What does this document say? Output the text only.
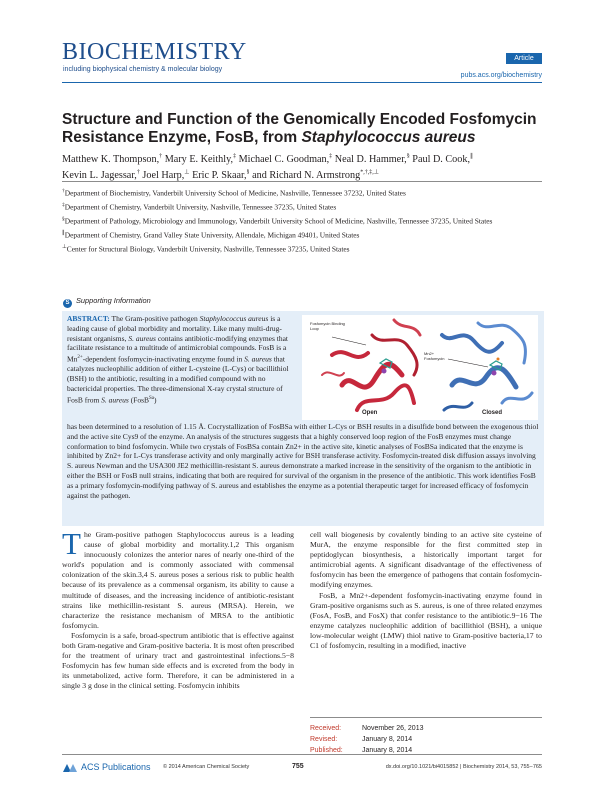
BIOCHEMISTRY
including biophysical chemistry & molecular biology
Article
pubs.acs.org/biochemistry
Structure and Function of the Genomically Encoded Fosfomycin Resistance Enzyme, FosB, from Staphylococcus aureus
Matthew K. Thompson,† Mary E. Keithly,‡ Michael C. Goodman,‡ Neal D. Hammer,§ Paul D. Cook,∥
Kevin L. Jagessar,† Joel Harp,⊥ Eric P. Skaar,§ and Richard N. Armstrong*,†,‡,⊥

†Department of Biochemistry, Vanderbilt University School of Medicine, Nashville, Tennessee 37232, United States

‡Department of Chemistry, Vanderbilt University, Nashville, Tennessee 37235, United States

§Department of Pathology, Microbiology and Immunology, Vanderbilt University School of Medicine, Nashville, Tennessee 37235, United States

∥Department of Chemistry, Grand Valley State University, Allendale, Michigan 49401, United States

⊥Center for Structural Biology, Vanderbilt University, Nashville, Tennessee 37235, United States

S Supporting Information

ABSTRACT: The Gram-positive pathogen Staphylococcus aureus is a leading cause of global morbidity and mortality. Like many multi-drug-resistant organisms, S. aureus contains antibiotic-modifying enzymes that facilitate resistance to a multitude of antimicrobial compounds. FosB is a $Mn^{2+}$-dependent fosfomycin-inactivating enzyme found in S. aureus that catalyzes nucleophilic addition of either L-cysteine (L-Cys) or bacillithiol (BSH) to the antibiotic, resulting in a modified compound with no bactericidal properties. The three-dimensional X-ray crystal structure of FosB from S. aureus (FosB$^{Sa}$)

has been determined to a resolution of 1.15 Å. Cocrystallization of FosBSa with either L-Cys or BSH results in a disulfide bond between the exogenous thiol and the active site Cys9 of the enzyme. An analysis of the structures suggests that a highly conserved loop region of the FosB enzymes must change conformation to bind fosfomycin. While two crystals of FosBSa contain Zn2+ in the active site, kinetic analyses of FosBSa indicated that the enzyme is inhibited by Zn2+ for L-Cys transferase activity and only marginally active for BSH transferase activity. Fosfomycin-treated disk diffusion assays involving S. aureus Newman and the USA300 JE2 methicillin-resistant S. aureus demonstrate a marked increase in the sensitivity of the organism to the antibiotic in either the BSH or FosB null strains, indicating that both are required for survival of the organism in the presence of the antibiotic. This work identifies FosB as a primary fosfomycin-modifying pathway of S. aureus and establishes the enzyme as a potential therapeutic target for increased efficacy of fosfomycin against the pathogen.

Fosfomycin Binding Loop
Mn2+ Fosfomycin
Open	Closed

The Gram-positive pathogen Staphylococcus aureus is a leading cause of global morbidity and mortality.1,2 This organism innocuously colonizes the anterior nares of nearly one-third of the world's population and is commonly associated with commensal colonization of the skin.3,4 S. aureus poses a serious risk to public health because of its prevalence as a commensal organism, its ability to cause a multitude of diseases, and the increasing incidence of antibiotic-resistant strains like methicillin-resistant S. aureus (MRSA). Herein, we characterize the resistance mechanism of MRSA to the antibiotic fosfomycin.

Fosfomycin is a safe, broad-spectrum antibiotic that is effective against both Gram-negative and Gram-positive bacteria. It is most often prescribed for the treatment of urinary tract and gastrointestinal infections.5−8 Fosfomycin has few human side effects and is excreted from the body in its unmetabolized, active form. Therefore, it can be administered in a single 3 g dose in the clinical setting. Fosfomycin inhibits

cell wall biogenesis by covalently binding to an active site cysteine of MurA, the enzyme responsible for the first committed step in peptidoglycan biosynthesis, a historically important target for antimicrobial agents. A significant disadvantage of the effectiveness of fosfomycin has been the emergence of pathogens that contain fosfomycin-modifying enzymes.

FosB, a Mn2+-dependent fosfomycin-inactivating enzyme found in Gram-positive organisms such as S. aureus, is one of three related enzymes (FosA, FosB, and FosX) that confer resistance to the antibiotic.9−16 The enzyme catalyzes nucleophilic addition of bacillithiol (BSH), a unique low-molecular weight (LMW) thiol native to Gram-positive bacteria,17 to C1 of fosfomycin, resulting in a modified, inactive

Received:	November 26, 2013
Revised:	January 8, 2014
Published:	January 8, 2014
ACS Publications © 2014 American Chemical Society	755	dx.doi.org/10.1021/bi4015852 | Biochemistry 2014, 53, 755−765
